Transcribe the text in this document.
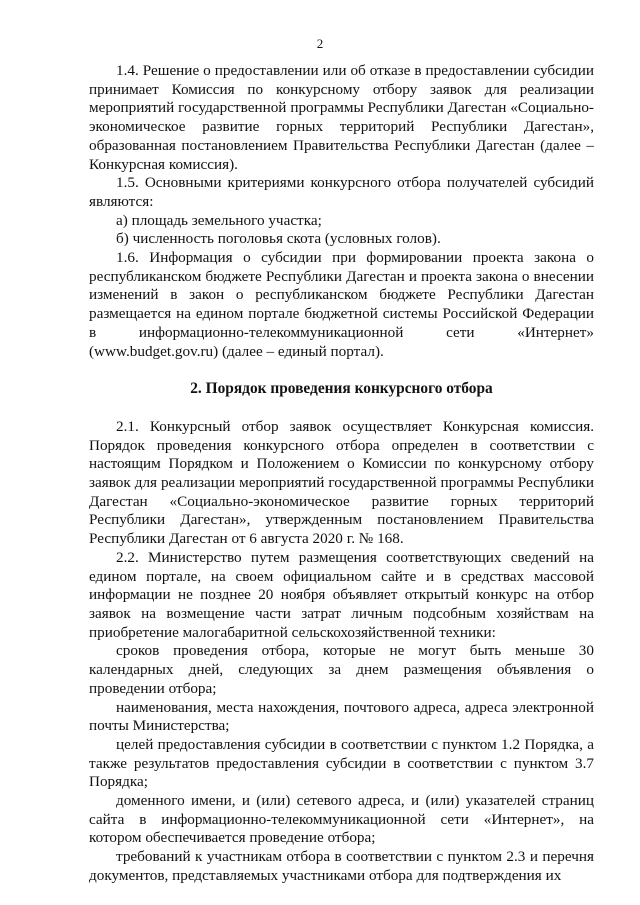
2

1.4. Решение о предоставлении или об отказе в предоставлении субсидии принимает Комиссия по конкурсному отбору заявок для реализации мероприятий государственной программы Республики Дагестан «Социально-экономическое развитие горных территорий Республики Дагестан», образованная постановлением Правительства Республики Дагестан (далее – Конкурсная комиссия).

1.5. Основными критериями конкурсного отбора получателей субсидий являются:

а) площадь земельного участка;

б) численность поголовья скота (условных голов).

1.6. Информация о субсидии при формировании проекта закона о республиканском бюджете Республики Дагестан и проекта закона о внесении изменений в закон о республиканском бюджете Республики Дагестан размещается на едином портале бюджетной системы Российской Федерации в информационно-телекоммуникационной сети «Интернет» (www.budget.gov.ru) (далее – единый портал).

2. Порядок проведения конкурсного отбора

2.1. Конкурсный отбор заявок осуществляет Конкурсная комиссия. Порядок проведения конкурсного отбора определен в соответствии с настоящим Порядком и Положением о Комиссии по конкурсному отбору заявок для реализации мероприятий государственной программы Республики Дагестан «Социально-экономическое развитие горных территорий Республики Дагестан», утвержденным постановлением Правительства Республики Дагестан от 6 августа 2020 г. № 168.

2.2. Министерство путем размещения соответствующих сведений на едином портале, на своем официальном сайте и в средствах массовой информации не позднее 20 ноября объявляет открытый конкурс на отбор заявок на возмещение части затрат личным подсобным хозяйствам на приобретение малогабаритной сельскохозяйственной техники:

сроков проведения отбора, которые не могут быть меньше 30 календарных дней, следующих за днем размещения объявления о проведении отбора;

наименования, места нахождения, почтового адреса, адреса электронной почты Министерства;

целей предоставления субсидии в соответствии с пунктом 1.2 Порядка, а также результатов предоставления субсидии в соответствии с пунктом 3.7 Порядка;

доменного имени, и (или) сетевого адреса, и (или) указателей страниц сайта в информационно-телекоммуникационной сети «Интернет», на котором обеспечивается проведение отбора;

требований к участникам отбора в соответствии с пунктом 2.3 и перечня документов, представляемых участниками отбора для подтверждения их
